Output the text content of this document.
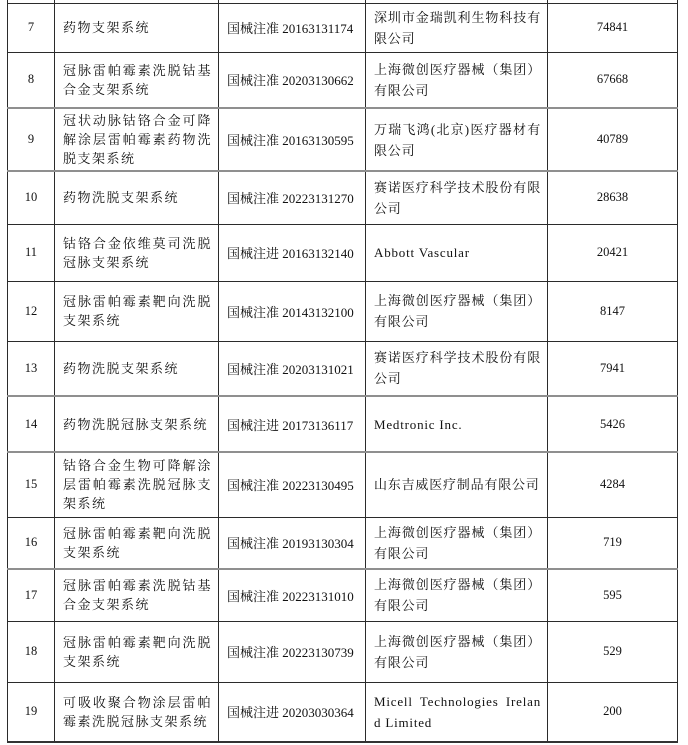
7	药物支架系统	国械注准 20163131174	深圳市金瑞凯利生物科技有限公司	74841
8	冠脉雷帕霉素洗脱钴基合金支架系统	国械注准 20203130662	上海微创医疗器械（集团）有限公司	67668
9	冠状动脉钴铬合金可降解涂层雷帕霉素药物洗脱支架系统	国械注准 20163130595	万瑞飞鸿(北京)医疗器材有限公司	40789
10	药物洗脱支架系统	国械注准 20223131270	赛诺医疗科学技术股份有限公司	28638
11	钴铬合金依维莫司洗脱冠脉支架系统	国械注进 20163132140	Abbott Vascular	20421
12	冠脉雷帕霉素靶向洗脱支架系统	国械注准 20143132100	上海微创医疗器械（集团）有限公司	8147
13	药物洗脱支架系统	国械注准 20203131021	赛诺医疗科学技术股份有限公司	7941
14	药物洗脱冠脉支架系统	国械注进 20173136117	Medtronic Inc.	5426
15	钴铬合金生物可降解涂层雷帕霉素洗脱冠脉支架系统	国械注准 20223130495	山东吉威医疗制品有限公司	4284
16	冠脉雷帕霉素靶向洗脱支架系统	国械注准 20193130304	上海微创医疗器械（集团）有限公司	719
17	冠脉雷帕霉素洗脱钴基合金支架系统	国械注准 20223131010	上海微创医疗器械（集团）有限公司	595
18	冠脉雷帕霉素靶向洗脱支架系统	国械注准 20223130739	上海微创医疗器械（集团）有限公司	529
19	可吸收聚合物涂层雷帕霉素洗脱冠脉支架系统	国械注进 20203030364	Micell Technologies Ireland Limited	200
